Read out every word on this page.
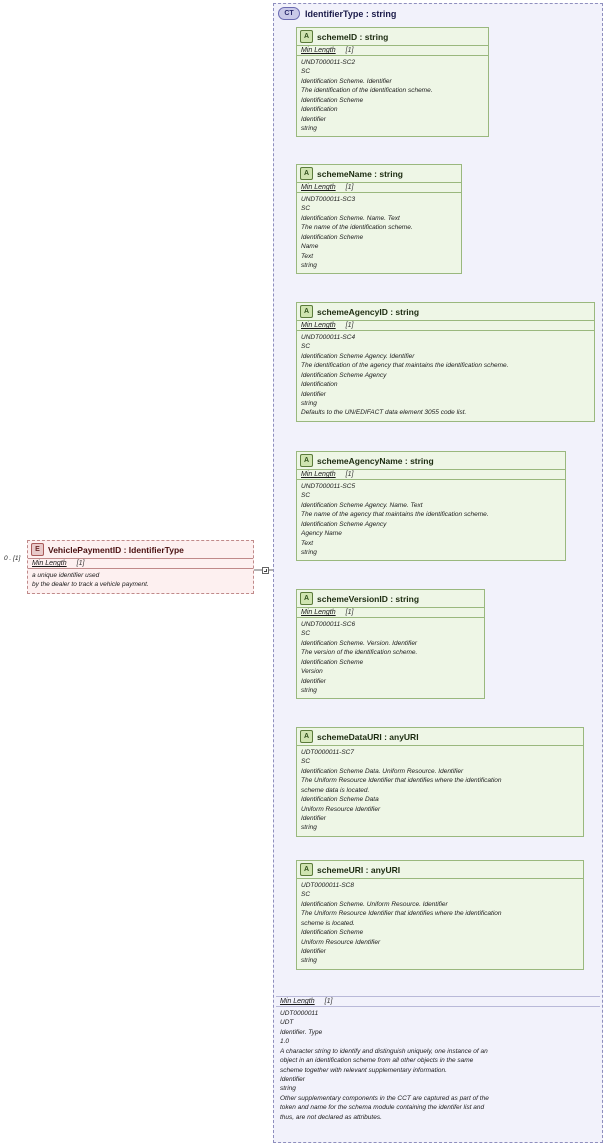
CT	IdentifierType : string
E VehiclePaymentID : IdentifierType
Min Length [1]
a unique identifier used
by the dealer to track a vehicle payment.
0 . [1]
A schemeID : string
Min Length [1]
UNDT000011-SC2
SC
Identification Scheme. Identifier
The identification of the identification scheme.
Identification Scheme
Identification
Identifier
string
A schemeName : string
Min Length [1]
UNDT000011-SC3
SC
Identification Scheme. Name. Text
The name of the identification scheme.
Identification Scheme
Name
Text
string
A schemeAgencyID : string
Min Length [1]
UNDT000011-SC4
SC
Identification Scheme Agency. Identifier
The identification of the agency that maintains the identification scheme.
Identification Scheme Agency
Identification
Identifier
string
Defaults to the UN/EDIFACT data element 3055 code list.
A schemeAgencyName : string
Min Length [1]
UNDT000011-SC5
SC
Identification Scheme Agency. Name. Text
The name of the agency that maintains the identification scheme.
Identification Scheme Agency
Agency Name
Text
string
A schemeVersionID : string
Min Length [1]
UNDT000011-SC6
SC
Identification Scheme. Version. Identifier
The version of the identification scheme.
Identification Scheme
Version
Identifier
string
A schemeDataURI : anyURI
UDT0000011-SC7
SC
Identification Scheme Data. Uniform Resource. Identifier
The Uniform Resource Identifier that identifies where the identification
scheme data is located.
Identification Scheme Data
Uniform Resource Identifier
Identifier
string
A schemeURI : anyURI
UDT0000011-SC8
SC
Identification Scheme. Uniform Resource. Identifier
The Uniform Resource Identifier that identifies where the identification
scheme is located.
Identification Scheme
Uniform Resource Identifier
Identifier
string
Min Length [1]
UDT0000011
UDT
Identifier. Type
1.0
A character string to identify and distinguish uniquely, one instance of an
object in an identification scheme from all other objects in the same
scheme together with relevant supplementary information.
Identifier
string
Other supplementary components in the CCT are captured as part of the
token and name for the schema module containing the identifer list and
thus, are not declared as attributes.
